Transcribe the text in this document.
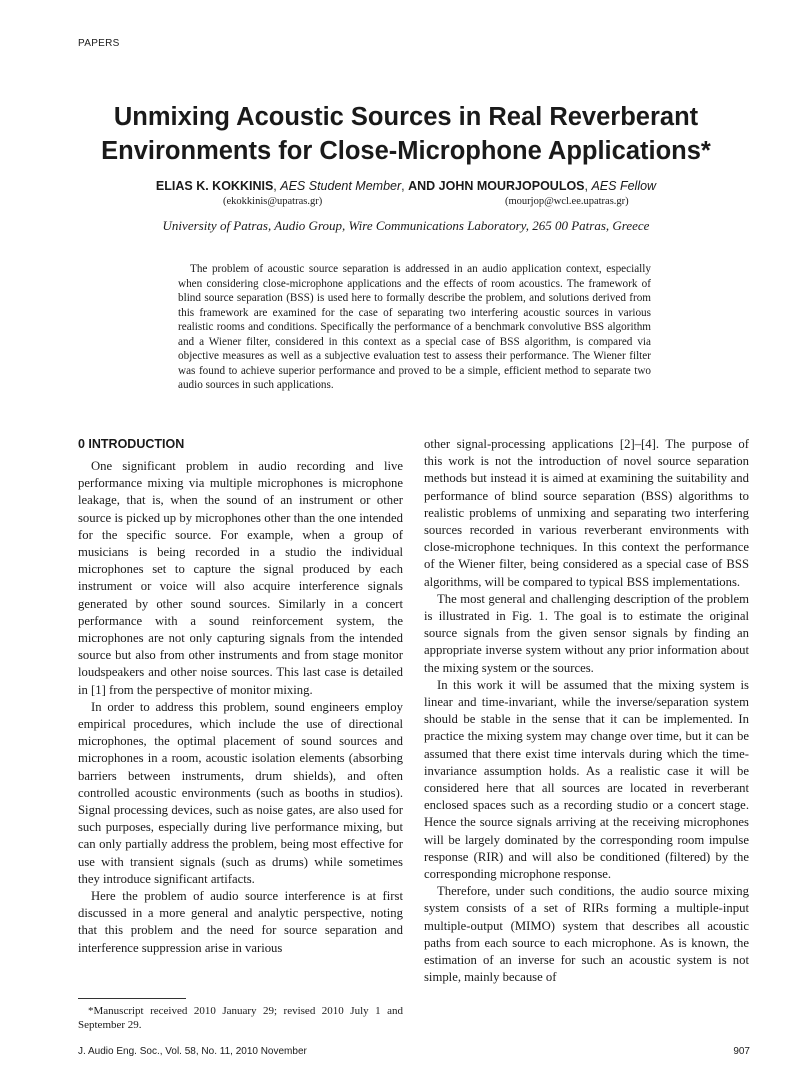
PAPERS
Unmixing Acoustic Sources in Real Reverberant
Environments for Close-Microphone Applications*
ELIAS K. KOKKINIS, AES Student Member, AND JOHN MOURJOPOULOS, AES Fellow
(ekokkinis@upatras.gr)	(mourjop@wcl.ee.upatras.gr)
University of Patras, Audio Group, Wire Communications Laboratory, 265 00 Patras, Greece

The problem of acoustic source separation is addressed in an audio application context, especially when considering close-microphone applications and the effects of room acoustics. The framework of blind source separation (BSS) is used here to formally describe the problem, and solutions derived from this framework are examined for the case of separating two interfering acoustic sources in various realistic rooms and conditions. Specifically the performance of a benchmark convolutive BSS algorithm and a Wiener filter, considered in this context as a special case of BSS algorithm, is compared via objective measures as well as a subjective evaluation test to assess their performance. The Wiener filter was found to achieve superior performance and proved to be a simple, efficient method to separate two audio sources in such applications.

0 INTRODUCTION

One significant problem in audio recording and live performance mixing via multiple microphones is microphone leakage, that is, when the sound of an instrument or other source is picked up by microphones other than the one intended for the specific source. For example, when a group of musicians is being recorded in a studio the individual microphones set to capture the signal produced by each instrument or voice will also acquire interference signals generated by other sound sources. Similarly in a concert performance with a sound reinforcement system, the microphones are not only capturing signals from the intended source but also from other instruments and from stage monitor loudspeakers and other noise sources. This last case is detailed in [1] from the perspective of monitor mixing.

In order to address this problem, sound engineers employ empirical procedures, which include the use of directional microphones, the optimal placement of sound sources and microphones in a room, acoustic isolation elements (absorbing barriers between instruments, drum shields), and often controlled acoustic environments (such as booths in studios). Signal processing devices, such as noise gates, are also used for such purposes, especially during live performance mixing, but can only partially address the problem, being most effective for use with transient signals (such as drums) while sometimes they introduce significant artifacts.

Here the problem of audio source interference is at first discussed in a more general and analytic perspective, noting that this problem and the need for source separation and interference suppression arise in various

other signal-processing applications [2]–[4]. The purpose of this work is not the introduction of novel source separation methods but instead it is aimed at examining the suitability and performance of blind source separation (BSS) algorithms to realistic problems of unmixing and separating two interfering sources recorded in various reverberant environments with close-microphone techniques. In this context the performance of the Wiener filter, being considered as a special case of BSS algorithms, will be compared to typical BSS implementations.

The most general and challenging description of the problem is illustrated in Fig. 1. The goal is to estimate the original source signals from the given sensor signals by finding an appropriate inverse system without any prior information about the mixing system or the sources.

In this work it will be assumed that the mixing system is linear and time-invariant, while the inverse/separation system should be stable in the sense that it can be implemented. In practice the mixing system may change over time, but it can be assumed that there exist time intervals during which the time-invariance assumption holds. As a realistic case it will be considered here that all sources are located in reverberant enclosed spaces such as a recording studio or a concert stage. Hence the source signals arriving at the receiving microphones will be largely dominated by the corresponding room impulse response (RIR) and will also be conditioned (filtered) by the corresponding microphone response.

Therefore, under such conditions, the audio source mixing system consists of a set of RIRs forming a multiple-input multiple-output (MIMO) system that describes all acoustic paths from each source to each microphone. As is known, the estimation of an inverse for such an acoustic system is not simple, mainly because of

*Manuscript received 2010 January 29; revised 2010 July 1 and September 29.

J. Audio Eng. Soc., Vol. 58, No. 11, 2010 November	907
